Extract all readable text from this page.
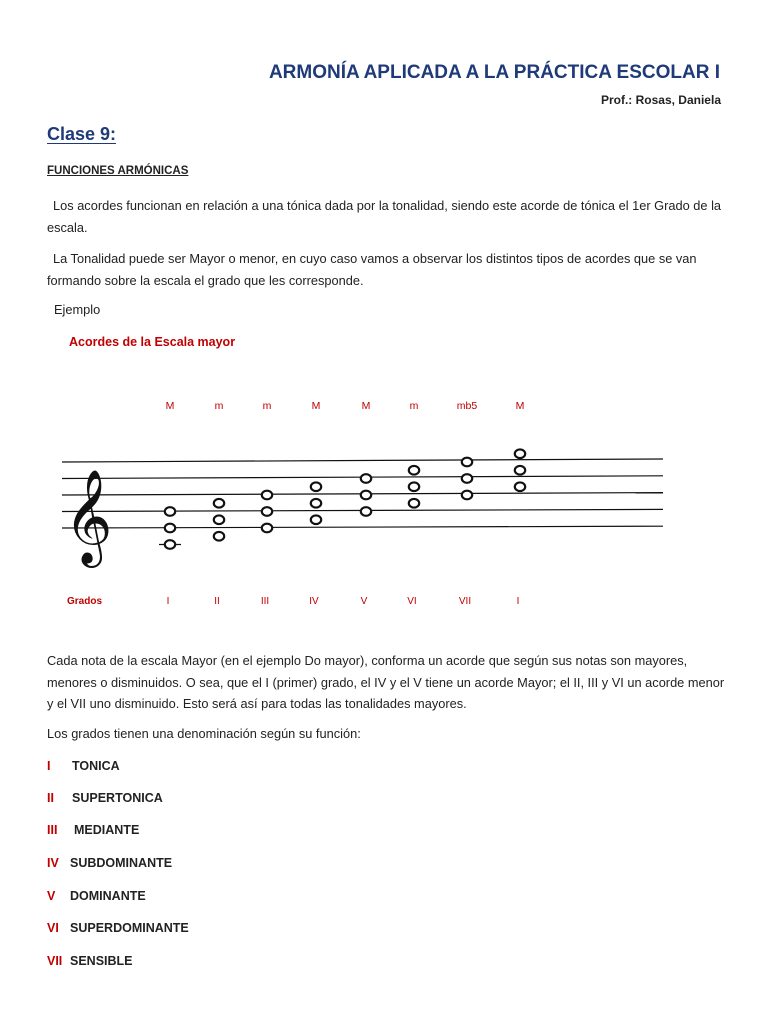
ARMONÍA APLICADA A LA PRÁCTICA ESCOLAR I
Prof.: Rosas, Daniela
Clase 9:
FUNCIONES ARMÓNICAS

Los acordes funcionan en relación a una tónica dada por la tonalidad, siendo este acorde de tónica el 1er Grado de la escala.

La Tonalidad puede ser Mayor o menor, en cuyo caso vamos a observar los distintos tipos de acordes que se van formando sobre la escala el grado que les corresponde.

Ejemplo
Acordes de la Escala mayor
𝄞
M
I
m
II
m
III
M
IV
M
V
m
VI
mb5
VII
M
I
Grados

Cada nota de la escala Mayor (en el ejemplo Do mayor), conforma un acorde que según sus notas son mayores, menores o disminuidos. O sea, que el I (primer) grado, el IV y el V tiene un acorde Mayor; el II, III y VI un acorde menor y el VII uno disminuido. Esto será así para todas las tonalidades mayores.

Los grados tienen una denominación según su función:

I TONICA
II SUPERTONICA
III MEDIANTE
IV SUBDOMINANTE
V DOMINANTE
VI SUPERDOMINANTE
VII SENSIBLE
